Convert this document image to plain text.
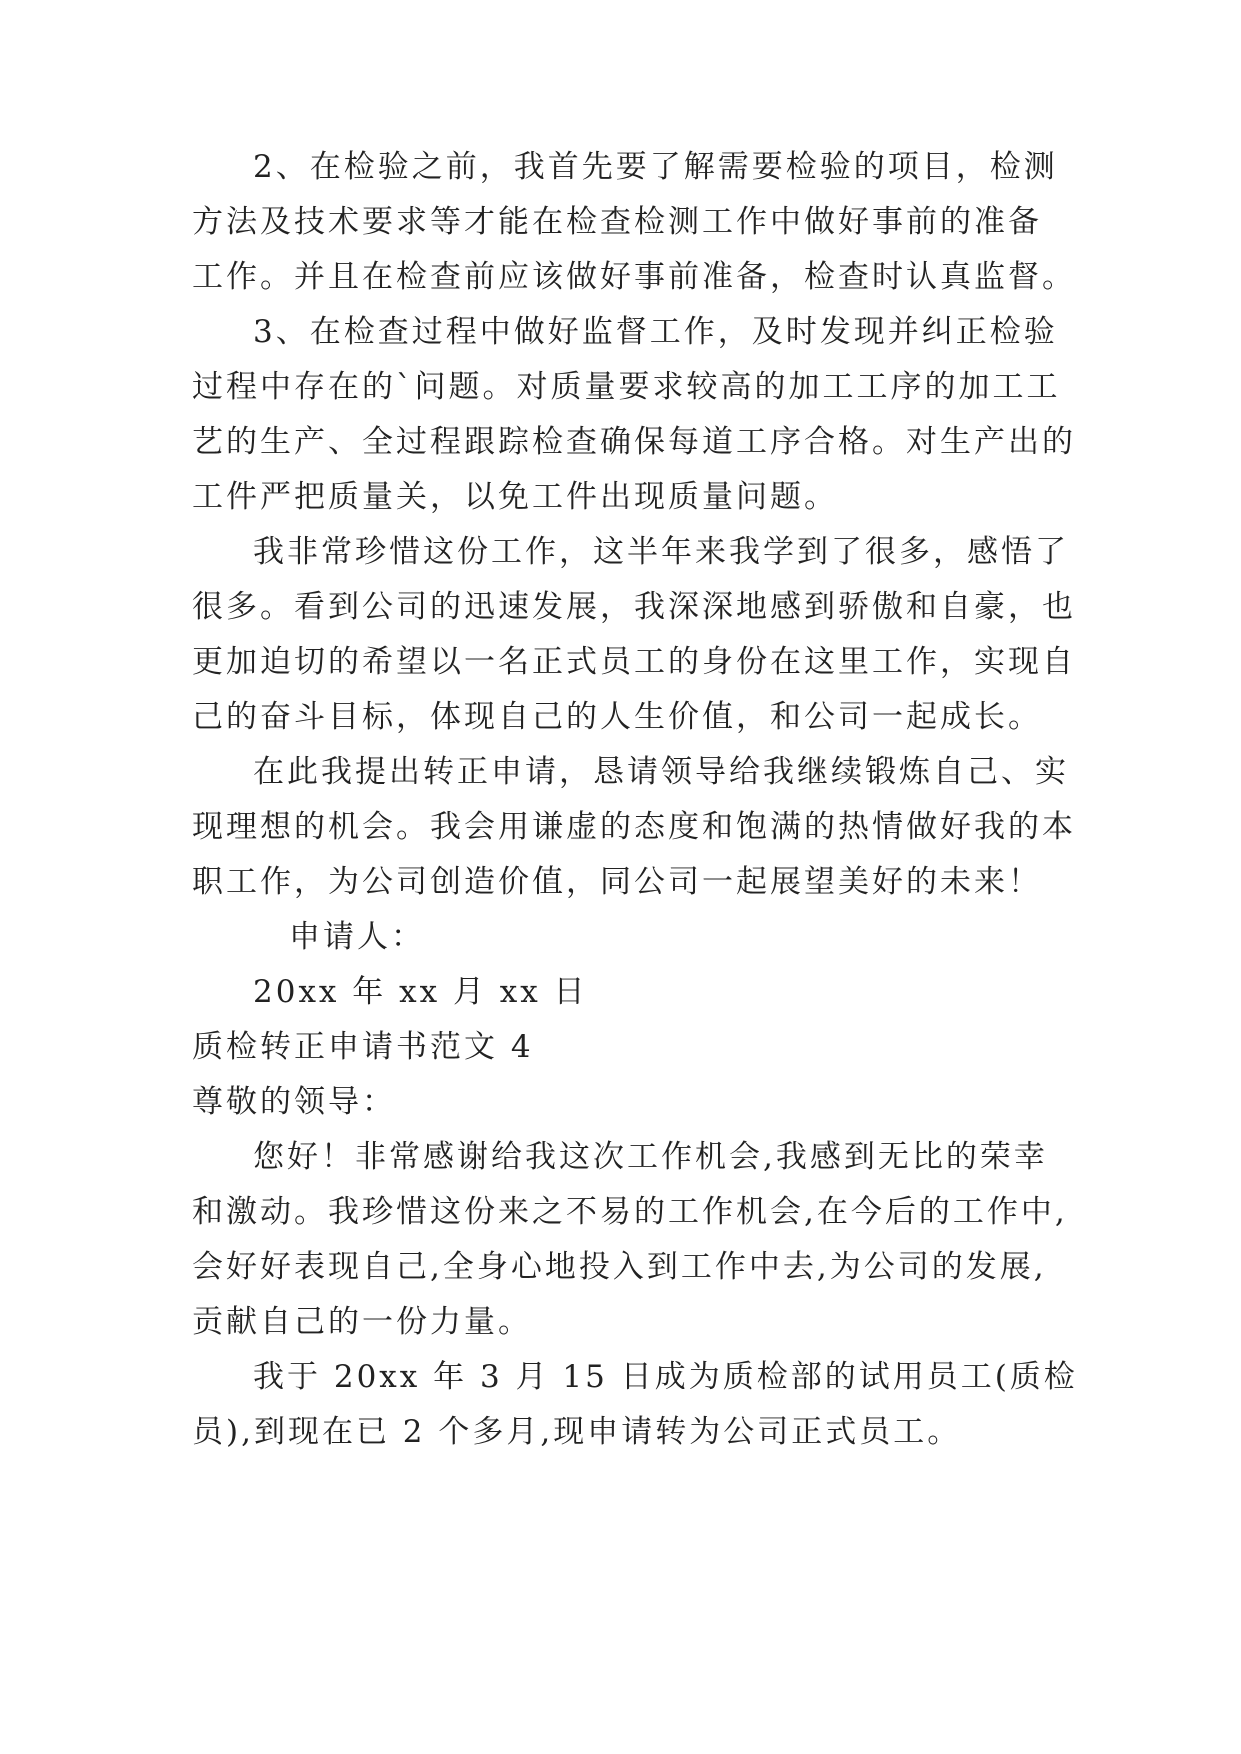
2、在检验之前，我首先要了解需要检验的项目，检测
方法及技术要求等才能在检查检测工作中做好事前的准备
工作。并且在检查前应该做好事前准备，检查时认真监督。
3、在检查过程中做好监督工作，及时发现并纠正检验
过程中存在的`问题。对质量要求较高的加工工序的加工工
艺的生产、全过程跟踪检查确保每道工序合格。对生产出的
工件严把质量关，以免工件出现质量问题。
我非常珍惜这份工作，这半年来我学到了很多，感悟了
很多。看到公司的迅速发展，我深深地感到骄傲和自豪，也
更加迫切的希望以一名正式员工的身份在这里工作，实现自
己的奋斗目标，体现自己的人生价值，和公司一起成长。
在此我提出转正申请，恳请领导给我继续锻炼自己、实
现理想的机会。我会用谦虚的态度和饱满的热情做好我的本
职工作，为公司创造价值，同公司一起展望美好的未来！
申请人：
20xx 年 xx 月 xx 日
质检转正申请书范文 4
尊敬的领导：
您好！非常感谢给我这次工作机会,我感到无比的荣幸
和激动。我珍惜这份来之不易的工作机会,在今后的工作中,
会好好表现自己,全身心地投入到工作中去,为公司的发展,
贡献自己的一份力量。
我于 20xx 年 3 月 15 日成为质检部的试用员工(质检
员),到现在已 2 个多月,现申请转为公司正式员工。
